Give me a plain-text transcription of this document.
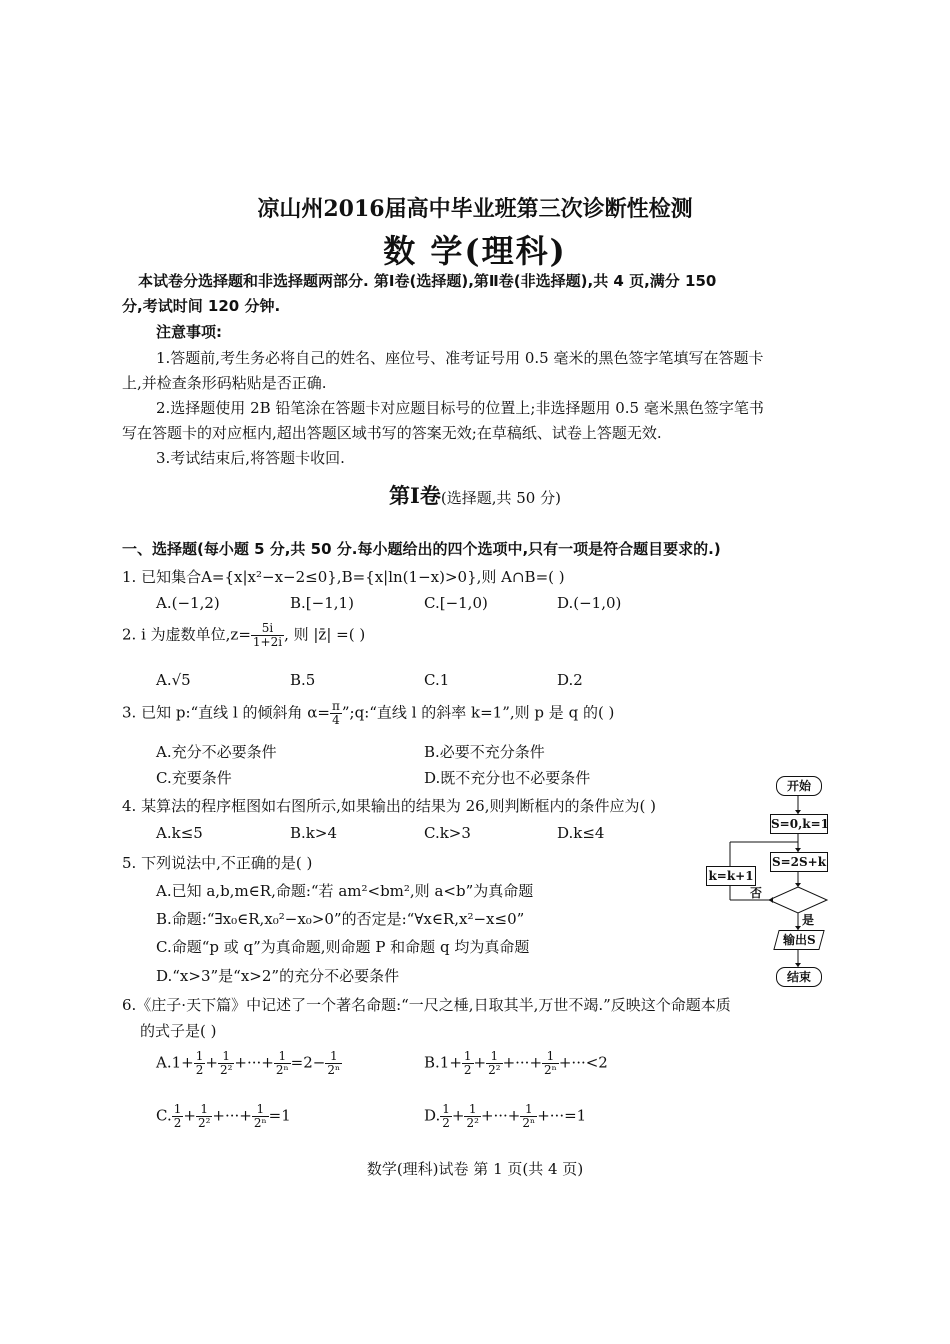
凉山州2016届高中毕业班第三次诊断性检测
数 学(理科)
本试卷分选择题和非选择题两部分. 第Ⅰ卷(选择题),第Ⅱ卷(非选择题),共 4 页,满分 150
分,考试时间 120 分钟.
注意事项:
1.答题前,考生务必将自己的姓名、座位号、准考证号用 0.5 毫米的黑色签字笔填写在答题卡
上,并检查条形码粘贴是否正确.
2.选择题使用 2B 铅笔涂在答题卡对应题目标号的位置上;非选择题用 0.5 毫米黑色签字笔书
写在答题卡的对应框内,超出答题区域书写的答案无效;在草稿纸、试卷上答题无效.
3.考试结束后,将答题卡收回.
第Ⅰ卷(选择题,共 50 分)
一、选择题(每小题 5 分,共 50 分.每小题给出的四个选项中,只有一项是符合题目要求的.)
1. 已知集合A={x|x²−x−2≤0},B={x|ln(1−x)>0},则 A∩B=( )
A.(−1,2)	B.[−1,1)	C.[−1,0)	D.(−1,0)
2. i 为虚数单位$,z= \frac{5i}{1+2i}$ , 则 |z̄| =( )
A.√5	B.5	C.1	D.2
3. 已知 p:“直线 l 的倾斜角 $\alpha= \frac{\pi}{4}$ ”;q:“直线 l 的斜率 k=1”,则 p 是 q 的( )
A.充分不必要条件	B.必要不充分条件
C.充要条件	D.既不充分也不必要条件
4. 某算法的程序框图如右图所示,如果输出的结果为 26,则判断框内的条件应为( )
A.k≤5	B.k>4	C.k>3	D.k≤4
5. 下列说法中,不正确的是( )
A.已知 a,b,m∈R,命题:“若 am²<bm²,则 a<b”为真命题
B.命题:“∃x₀∈R,x₀²−x₀>0”的否定是:“∀x∈R,x²−x≤0”
C.命题“p 或 q”为真命题,则命题 P 和命题 q 均为真命题
D.“x>3”是“x>2”的充分不必要条件
6.《庄子·天下篇》中记述了一个著名命题:“一尺之棰,日取其半,万世不竭.”反映这个命题本质
的式子是( )
$A.1+ \frac{1}{2} + \frac{1}{\text{2²}}$ +···+ $\frac{1}{\text{2ⁿ}} =2- \frac{1}{\text{2ⁿ}}$	$B.1+ \frac{1}{2} + \frac{1}{\text{2²}}$ +···+ $\frac{1}{\text{2ⁿ}} +\cdot\cdot\cdot<2$
C. $\frac{1}{2} + \frac{1}{\text{2²}}$ +···+ $\frac{1}{\text{2ⁿ}} =1$	D. $\frac{1}{2} + \frac{1}{\text{2²}}$ +···+ $\frac{1}{\text{2ⁿ}} +\cdot\cdot\cdot=1$
开始
S=0,k=1
S=2S+k
k=k+1
否
是
输出S
结束
数学(理科)试卷 第 1 页(共 4 页)
